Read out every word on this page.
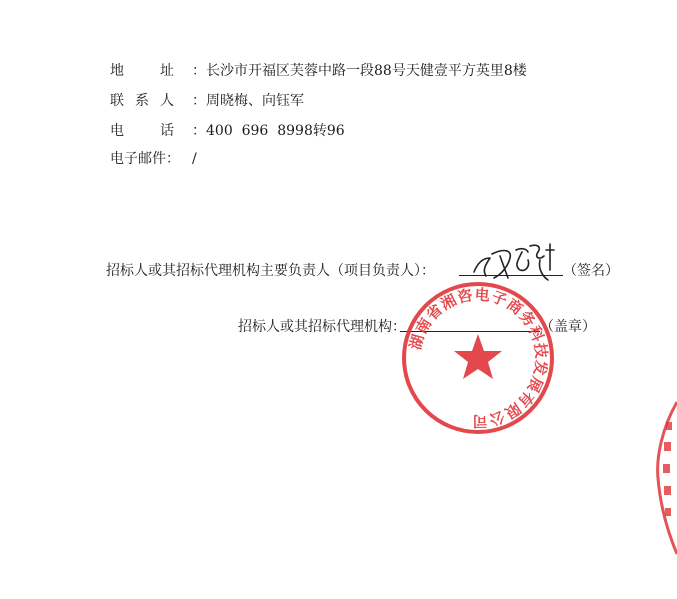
地	址 ：长沙市开福区芙蓉中路一段88号天健壹平方英里8楼
联 系 人 ：周晓梅、向钰军
电	话 ：400  696  8998转96
电子邮件： /
招标人或其招标代理机构主要负责人（项目负责人）：	（签名）
招标人或其招标代理机构：	（盖章）
湖南省湘咨电子商务科技发展有限公司
